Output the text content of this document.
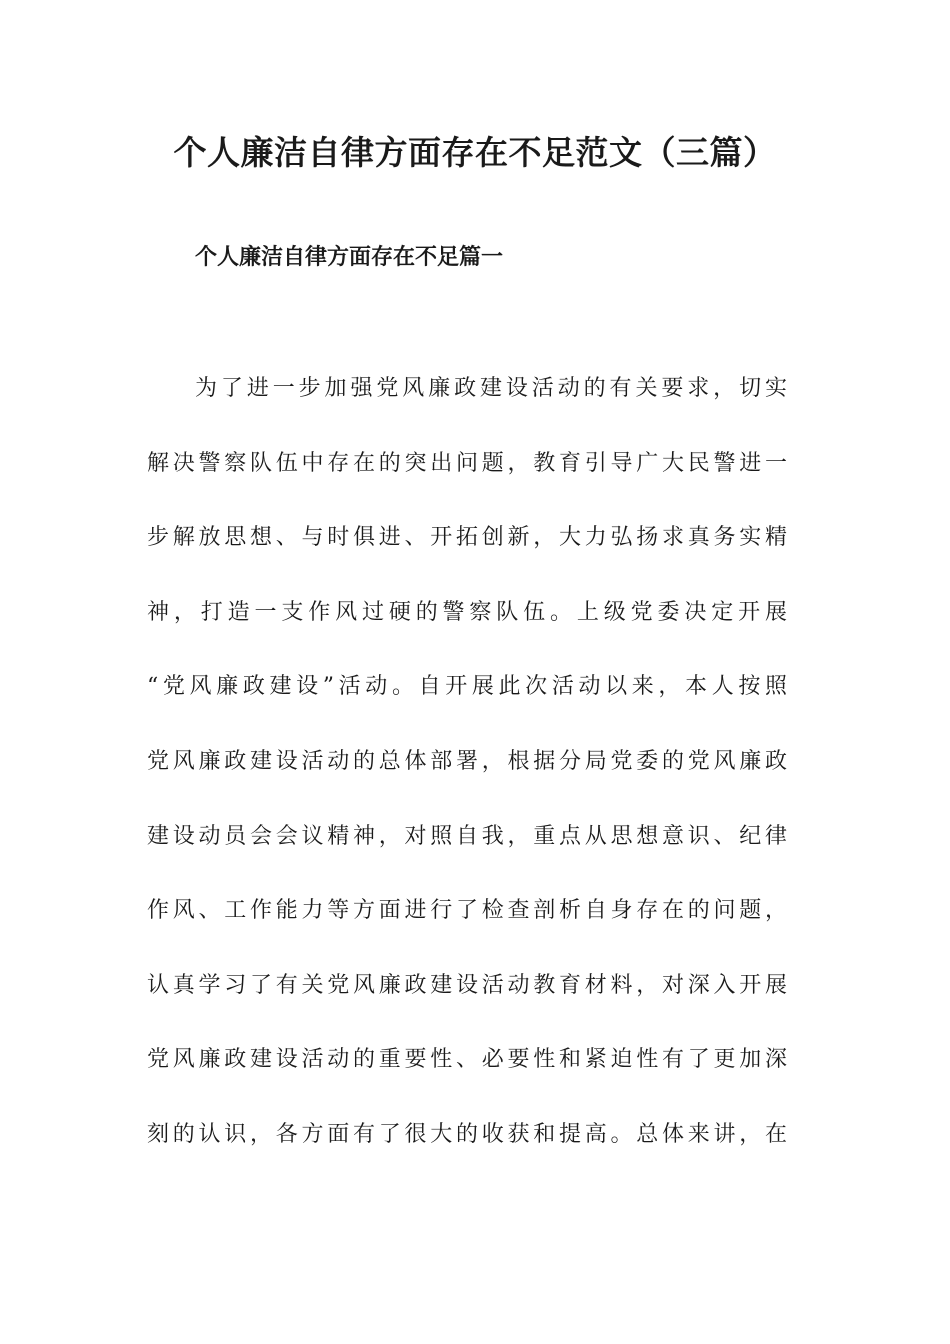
个人廉洁自律方面存在不足范文（三篇）
个人廉洁自律方面存在不足篇一
为了进一步加强党风廉政建设活动的有关要求，切实
解决警察队伍中存在的突出问题，教育引导广大民警进一
步解放思想、与时俱进、开拓创新，大力弘扬求真务实精
神，打造一支作风过硬的警察队伍。上级党委决定开展
“党风廉政建设”活动。自开展此次活动以来，本人按照
党风廉政建设活动的总体部署，根据分局党委的党风廉政
建设动员会会议精神，对照自我，重点从思想意识、纪律
作风、工作能力等方面进行了检查剖析自身存在的问题，
认真学习了有关党风廉政建设活动教育材料，对深入开展
党风廉政建设活动的重要性、必要性和紧迫性有了更加深
刻的认识，各方面有了很大的收获和提高。总体来讲，在
